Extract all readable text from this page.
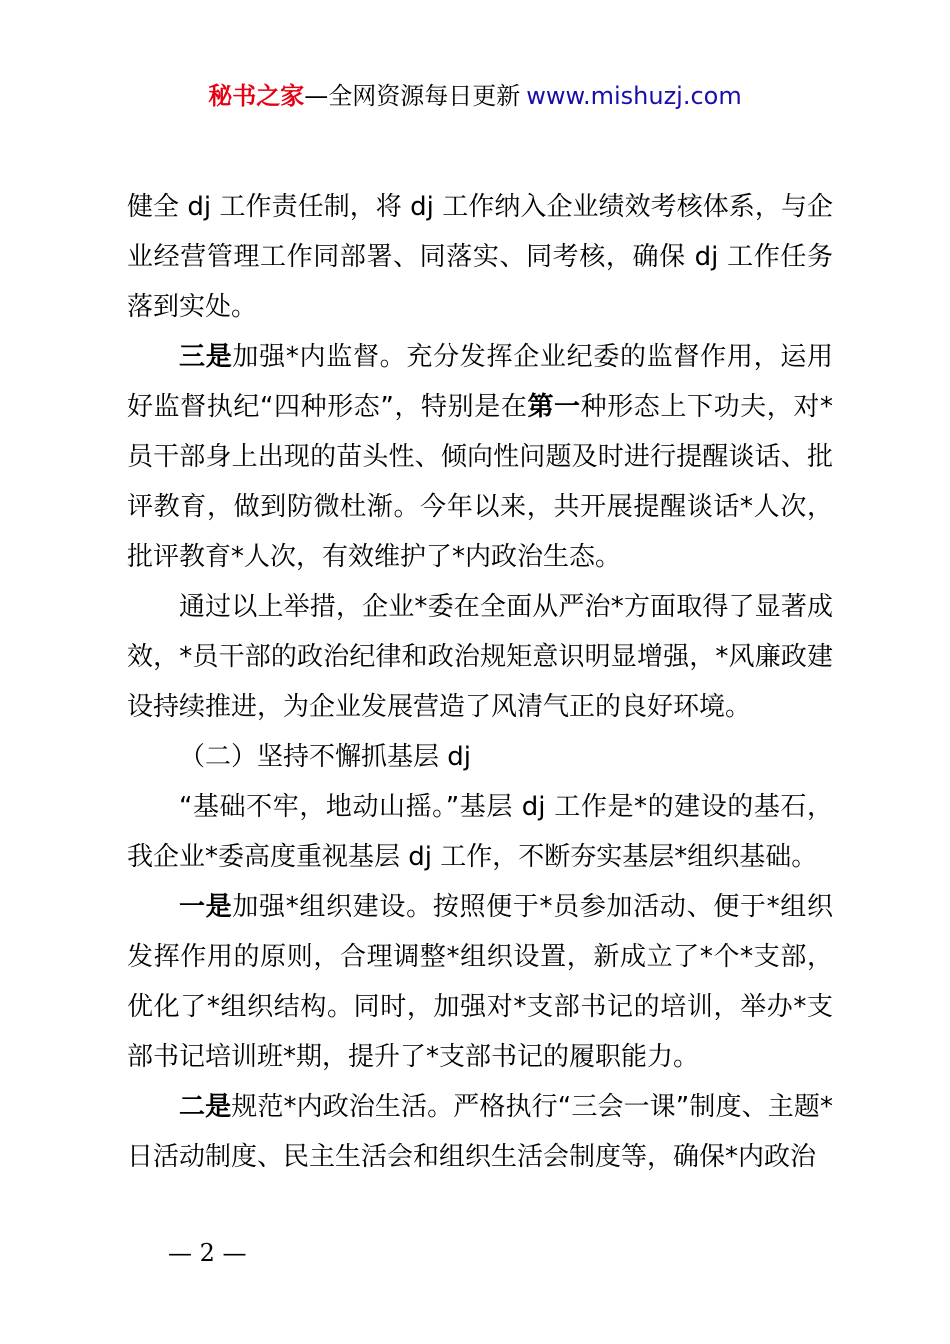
秘书之家—全网资源每日更新 www.mishuzj.com

健全 dj 工作责任制，将 dj 工作纳入企业绩效考核体系，与企业经营管理工作同部署、同落实、同考核，确保 dj 工作任务落到实处。

三是加强*内监督。充分发挥企业纪委的监督作用，运用好监督执纪“四种形态”，特别是在第一种形态上下功夫，对*员干部身上出现的苗头性、倾向性问题及时进行提醒谈话、批评教育，做到防微杜渐。今年以来，共开展提醒谈话*人次，批评教育*人次，有效维护了*内政治生态。

通过以上举措，企业*委在全面从严治*方面取得了显著成效，*员干部的政治纪律和政治规矩意识明显增强，*风廉政建设持续推进，为企业发展营造了风清气正的良好环境。

（二）坚持不懈抓基层 dj

“基础不牢，地动山摇。”基层 dj 工作是*的建设的基石，我企业*委高度重视基层 dj 工作，不断夯实基层*组织基础。

一是加强*组织建设。按照便于*员参加活动、便于*组织发挥作用的原则，合理调整*组织设置，新成立了*个*支部，优化了*组织结构。同时，加强对*支部书记的培训，举办*支部书记培训班*期，提升了*支部书记的履职能力。

二是规范*内政治生活。严格执行“三会一课”制度、主题*日活动制度、民主生活会和组织生活会制度等，确保*内政治

— 2 —
